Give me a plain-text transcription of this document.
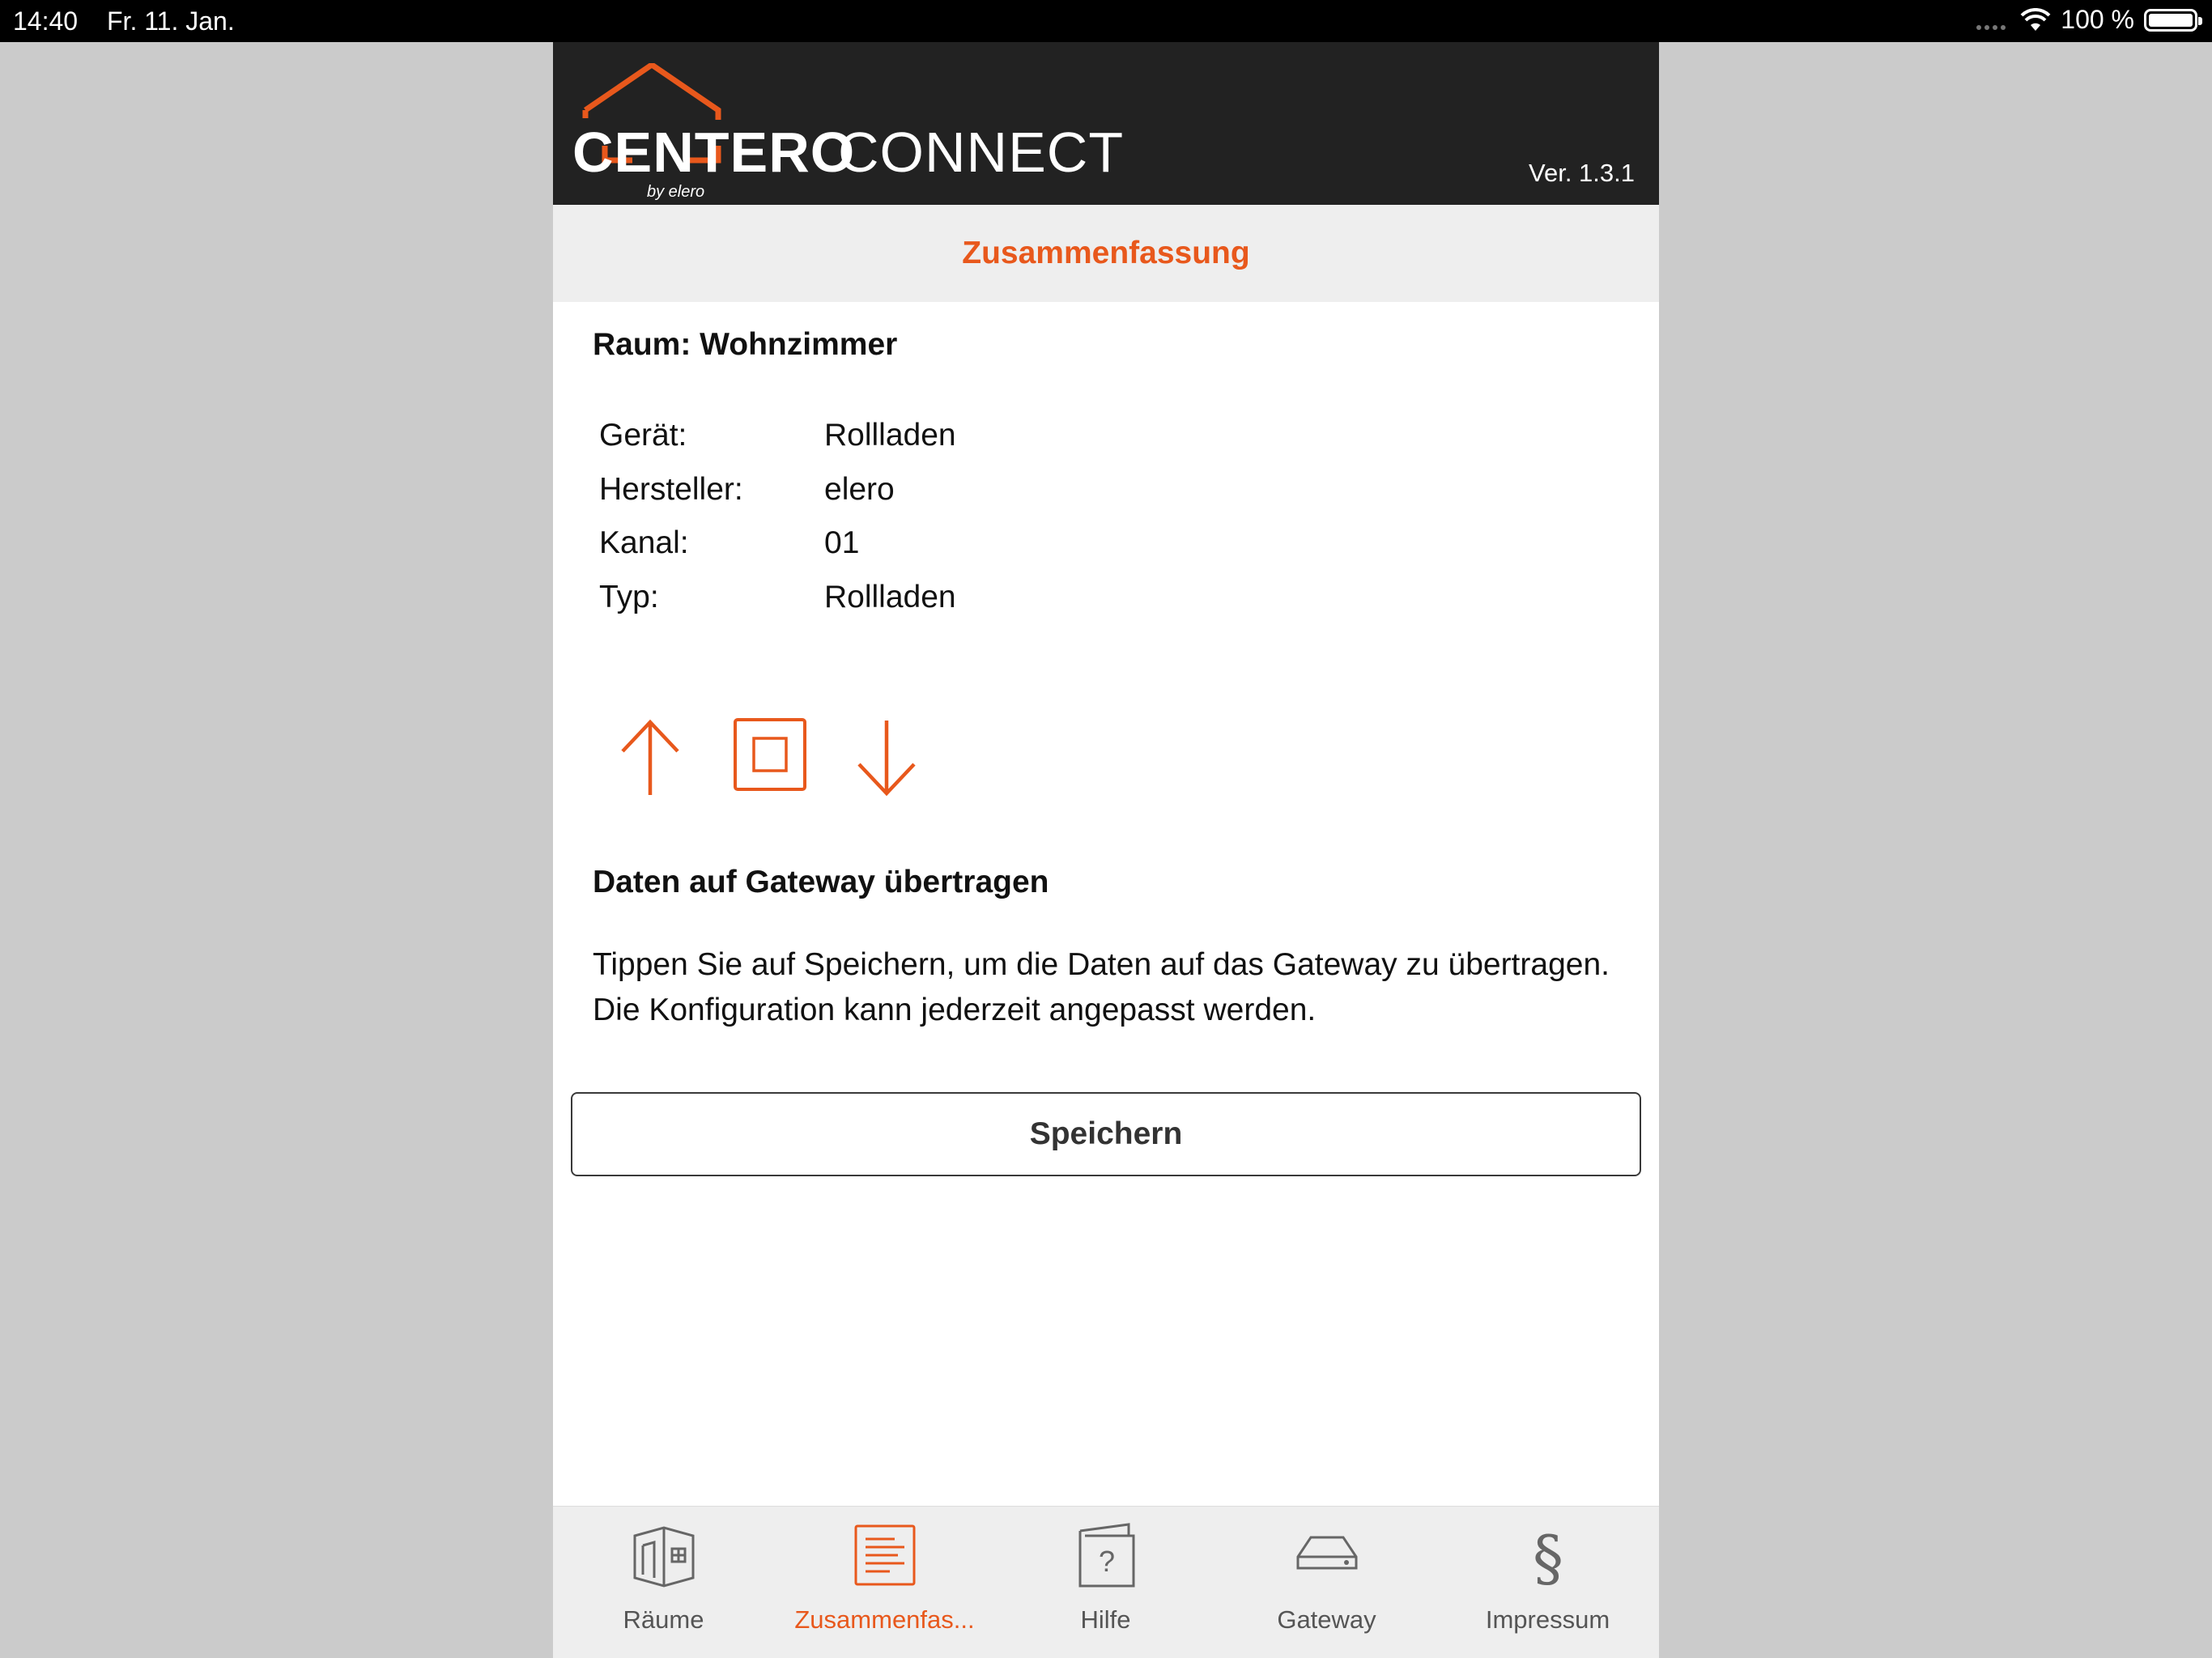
14:40 Fr. 11. Jan.	100 %
CENTERO
CONNECT
by elero
Ver. 1.3.1
Zusammenfassung
Raum: Wohnzimmer
Gerät:	Rollladen
Hersteller:	elero
Kanal:	01
Typ:	Rollladen
Daten auf Gateway übertragen
Tippen Sie auf Speichern, um die Daten auf das Gateway zu übertragen. Die Konfiguration kann jederzeit angepasst werden.
Speichern
Räume	Zusammenfas...
?
Hilfe	Gateway
§
Impressum
